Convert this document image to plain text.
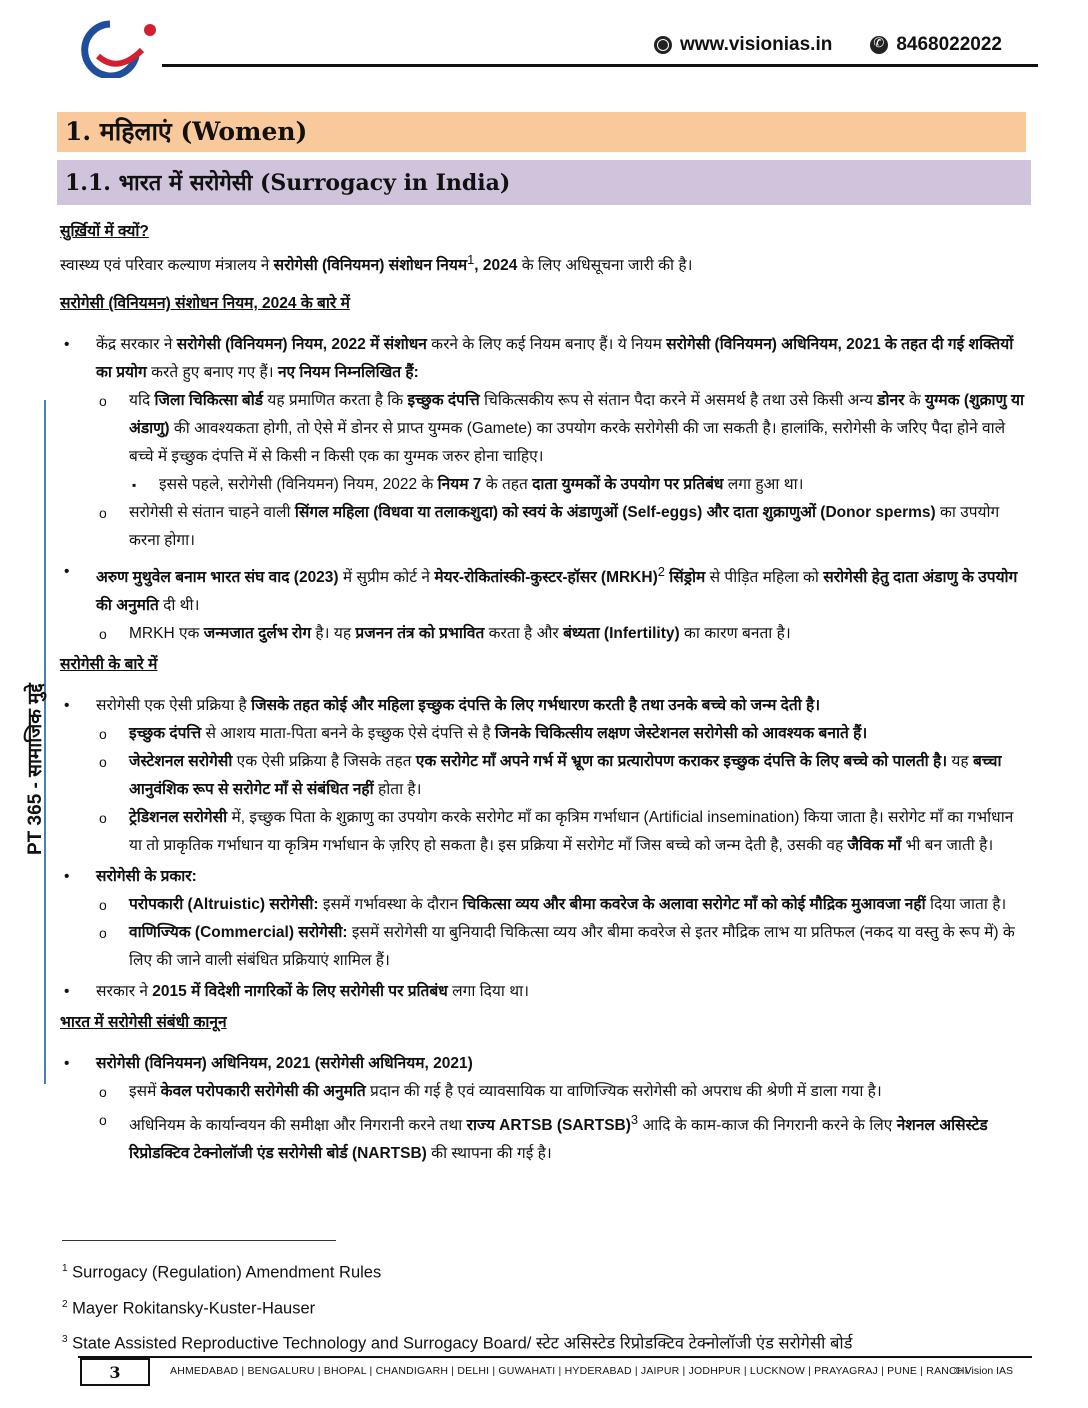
www.visionias.in
✆	8468022022
PT 365 - सामाजिक मुद्दे
1. महिलाएं (Women)
1.1. भारत में सरोगेसी (Surrogacy in India)

सुर्ख़ियों में क्यों?

स्वास्थ्य एवं परिवार कल्याण मंत्रालय ने सरोगेसी (विनियमन) संशोधन नियम$^1$, 2024 के लिए अधिसूचना जारी की है।

सरोगेसी (विनियमन) संशोधन नियम, 2024 के बारे में

• केंद्र सरकार ने सरोगेसी (विनियमन) नियम, 2022 में संशोधन करने के लिए कई नियम बनाए हैं। ये नियम सरोगेसी (विनियमन) अधिनियम, 2021 के तहत दी गई शक्तियों का प्रयोग करते हुए बनाए गए हैं। नए नियम निम्नलिखित हैं:
o यदि जिला चिकित्सा बोर्ड यह प्रमाणित करता है कि इच्छुक दंपत्ति चिकित्सकीय रूप से संतान पैदा करने में असमर्थ है तथा उसे किसी अन्य डोनर के युग्मक (शुक्राणु या अंडाणु) की आवश्यकता होगी, तो ऐसे में डोनर से प्राप्त युग्मक (Gamete) का उपयोग करके सरोगेसी की जा सकती है। हालांकि, सरोगेसी के जरिए पैदा होने वाले बच्चे में इच्छुक दंपत्ति में से किसी न किसी एक का युग्मक जरुर होना चाहिए।
▪ इससे पहले, सरोगेसी (विनियमन) नियम, 2022 के नियम 7 के तहत दाता युग्मकों के उपयोग पर प्रतिबंध लगा हुआ था।
o सरोगेसी से संतान चाहने वाली सिंगल महिला (विधवा या तलाकशुदा) को स्वयं के अंडाणुओं (Self-eggs) और दाता शुक्राणुओं (Donor sperms) का उपयोग करना होगा।
• अरुण मुथुवेल बनाम भारत संघ वाद (2023) में सुप्रीम कोर्ट ने मेयर-रोकितांस्की-कुस्टर-हॉसर (MRKH)$^2$ सिंड्रोम से पीड़ित महिला को सरोगेसी हेतु दाता अंडाणु के उपयोग की अनुमति दी थी।
o MRKH एक जन्मजात दुर्लभ रोग है। यह प्रजनन तंत्र को प्रभावित करता है और बंध्यता (Infertility) का कारण बनता है।

सरोगेसी के बारे में

• सरोगेसी एक ऐसी प्रक्रिया है जिसके तहत कोई और महिला इच्छुक दंपत्ति के लिए गर्भधारण करती है तथा उनके बच्चे को जन्म देती है।
o इच्छुक दंपत्ति से आशय माता-पिता बनने के इच्छुक ऐसे दंपत्ति से है जिनके चिकित्सीय लक्षण जेस्टेशनल सरोगेसी को आवश्यक बनाते हैं।
o जेस्टेशनल सरोगेसी एक ऐसी प्रक्रिया है जिसके तहत एक सरोगेट माँ अपने गर्भ में भ्रूण का प्रत्यारोपण कराकर इच्छुक दंपत्ति के लिए बच्चे को पालती है। यह बच्चा आनुवंशिक रूप से सरोगेट माँ से संबंधित नहीं होता है।
o ट्रेडिशनल सरोगेसी में, इच्छुक पिता के शुक्राणु का उपयोग करके सरोगेट माँ का कृत्रिम गर्भाधान (Artificial insemination) किया जाता है। सरोगेट माँ का गर्भाधान या तो प्राकृतिक गर्भाधान या कृत्रिम गर्भाधान के ज़रिए हो सकता है। इस प्रक्रिया में सरोगेट माँ जिस बच्चे को जन्म देती है, उसकी वह जैविक माँ भी बन जाती है।
• सरोगेसी के प्रकार:
o परोपकारी (Altruistic) सरोगेसी: इसमें गर्भावस्था के दौरान चिकित्सा व्यय और बीमा कवरेज के अलावा सरोगेट माँ को कोई मौद्रिक मुआवजा नहीं दिया जाता है।
o वाणिज्यिक (Commercial) सरोगेसी: इसमें सरोगेसी या बुनियादी चिकित्सा व्यय और बीमा कवरेज से इतर मौद्रिक लाभ या प्रतिफल (नकद या वस्तु के रूप में) के लिए की जाने वाली संबंधित प्रक्रियाएं शामिल हैं।
• सरकार ने 2015 में विदेशी नागरिकों के लिए सरोगेसी पर प्रतिबंध लगा दिया था।

भारत में सरोगेसी संबंधी कानून

• सरोगेसी (विनियमन) अधिनियम, 2021 (सरोगेसी अधिनियम, 2021)
o इसमें केवल परोपकारी सरोगेसी की अनुमति प्रदान की गई है एवं व्यावसायिक या वाणिज्यिक सरोगेसी को अपराध की श्रेणी में डाला गया है।
o अधिनियम के कार्यान्वयन की समीक्षा और निगरानी करने तथा राज्य ARTSB (SARTSB)$^3$ आदि के काम-काज की निगरानी करने के लिए नेशनल असिस्टेड रिप्रोडक्टिव टेक्नोलॉजी एंड सरोगेसी बोर्ड (NARTSB) की स्थापना की गई है।
$^1$ Surrogacy (Regulation) Amendment Rules
$^2$ Mayer Rokitansky-Kuster-Hauser
$^3$ State Assisted Reproductive Technology and Surrogacy Board/ स्टेट असिस्टेड रिप्रोडक्टिव टेक्नोलॉजी एंड सरोगेसी बोर्ड
3	AHMEDABAD | BENGALURU | BHOPAL | CHANDIGARH | DELHI | GUWAHATI | HYDERABAD | JAIPUR | JODHPUR | LUCKNOW | PRAYAGRAJ | PUNE | RANCHI
© Vision IAS
